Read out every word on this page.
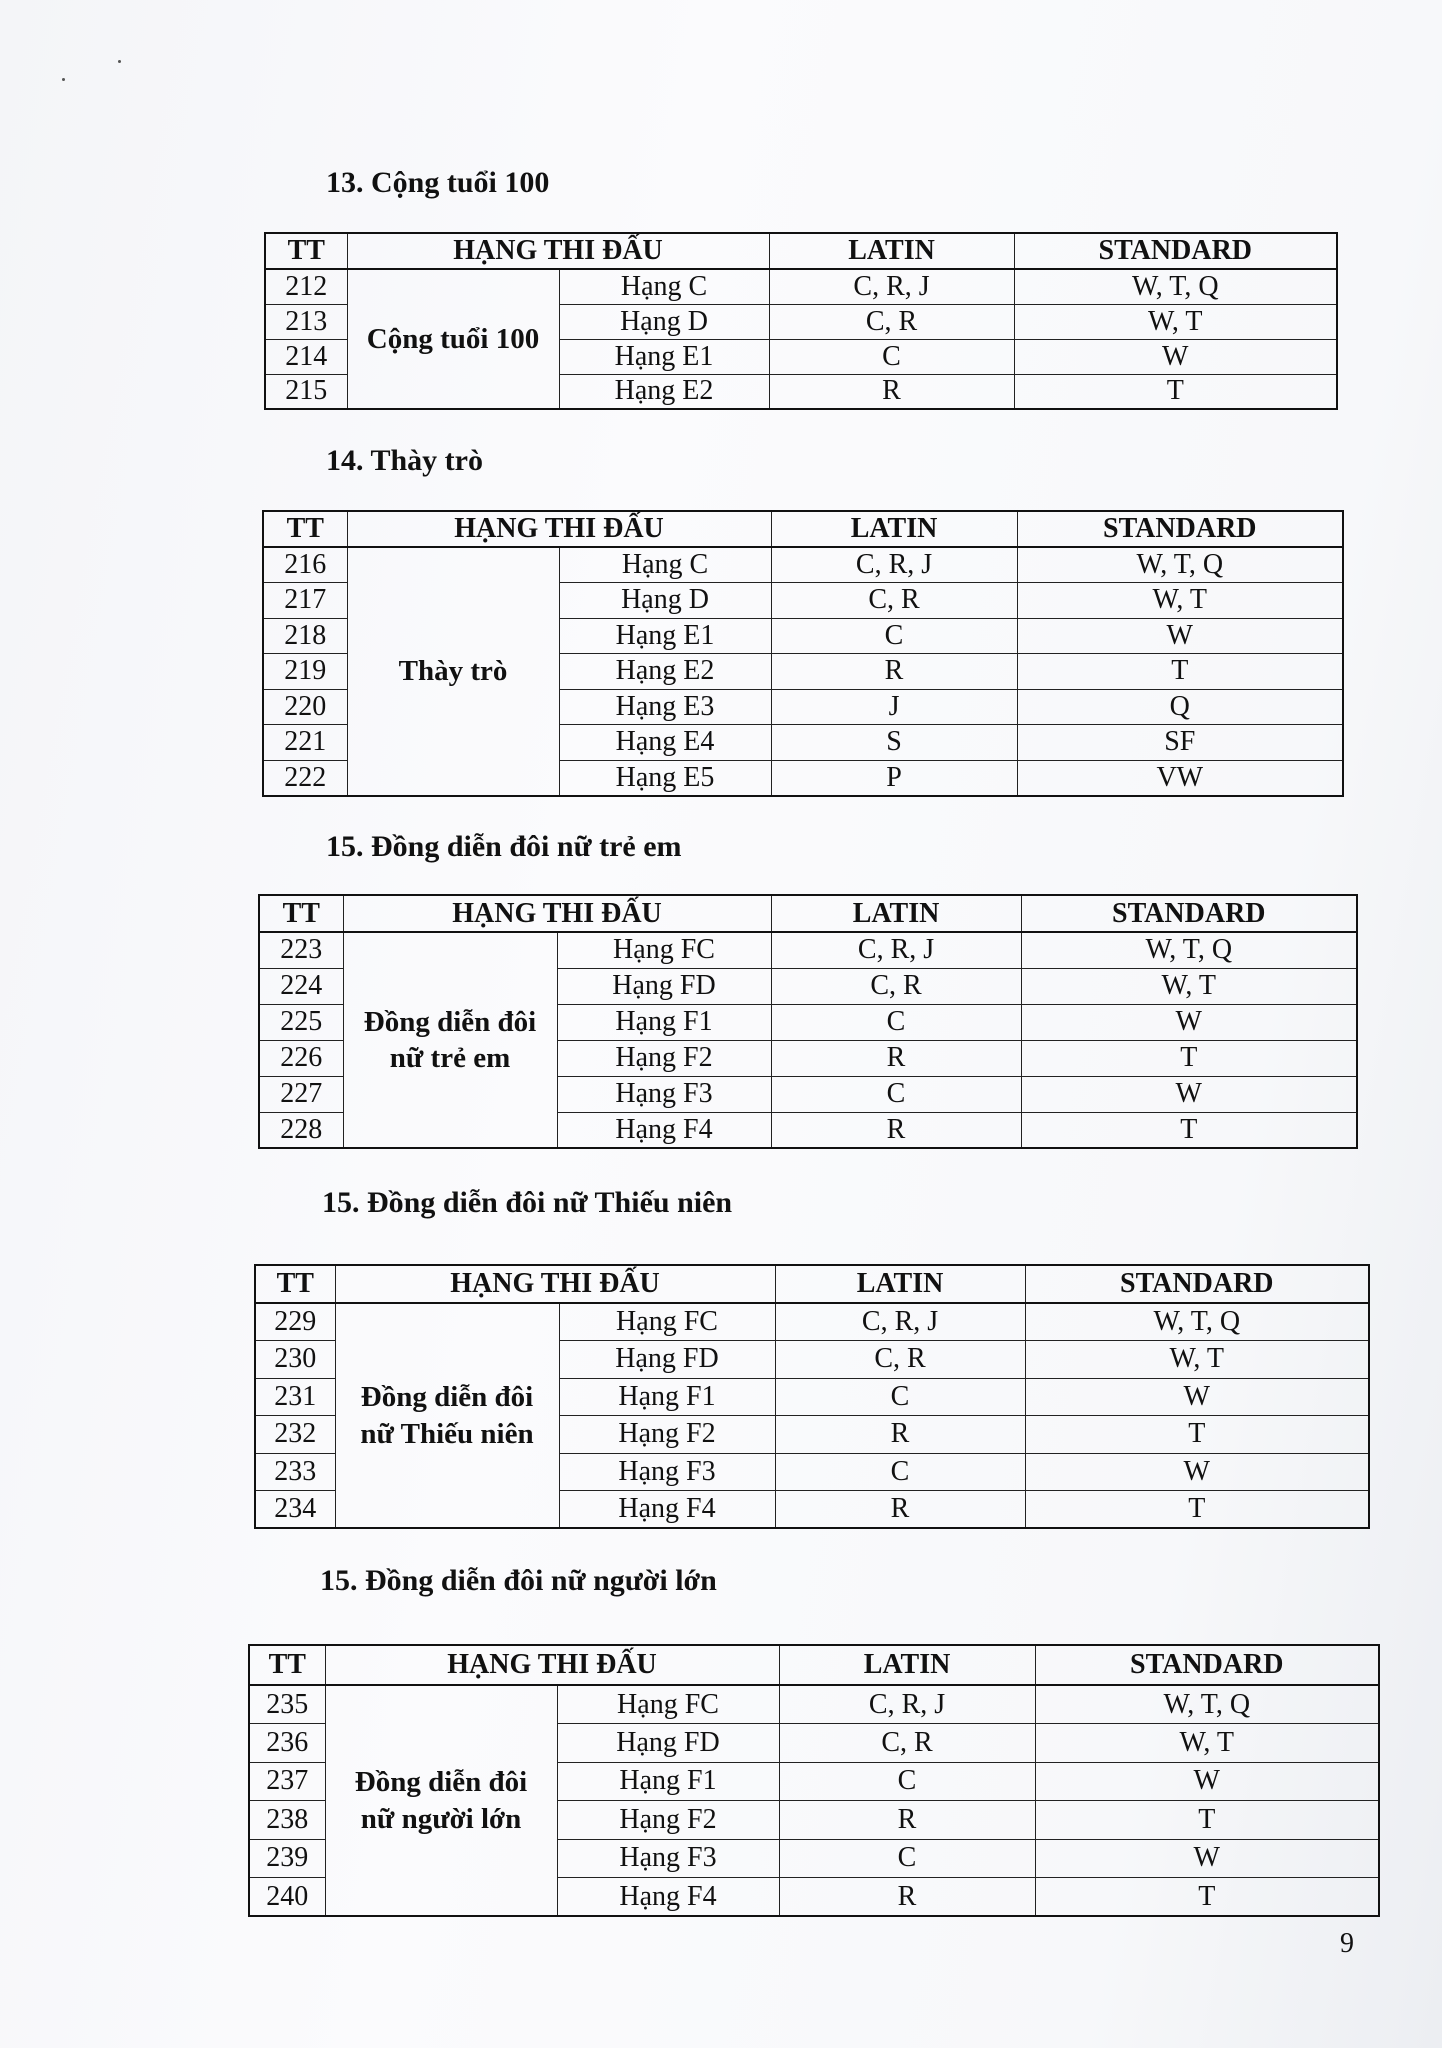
13. Cộng tuổi 100
TT	HẠNG THI ĐẤU		LATIN	STANDARD
212	Cộng tuổi 100	Hạng C	C, R, J	W, T, Q
213		Hạng D	C, R	W, T
214		Hạng E1	C	W
215		Hạng E2	R	T
14. Thày trò
TT	HẠNG THI ĐẤU		LATIN	STANDARD
216	Thày trò	Hạng C	C, R, J	W, T, Q
217		Hạng D	C, R	W, T
218		Hạng E1	C	W
219		Hạng E2	R	T
220		Hạng E3	J	Q
221		Hạng E4	S	SF
222		Hạng E5	P	VW
15. Đồng diễn đôi nữ trẻ em
TT	HẠNG THI ĐẤU		LATIN	STANDARD
223	Đồng diễn đôi nữ trẻ em	Hạng FC	C, R, J	W, T, Q
224		Hạng FD	C, R	W, T
225		Hạng F1	C	W
226		Hạng F2	R	T
227		Hạng F3	C	W
228		Hạng F4	R	T
15. Đồng diễn đôi nữ Thiếu niên
TT	HẠNG THI ĐẤU		LATIN	STANDARD
229	Đồng diễn đôi nữ Thiếu niên	Hạng FC	C, R, J	W, T, Q
230		Hạng FD	C, R	W, T
231		Hạng F1	C	W
232		Hạng F2	R	T
233		Hạng F3	C	W
234		Hạng F4	R	T
15. Đồng diễn đôi nữ người lớn
TT	HẠNG THI ĐẤU		LATIN	STANDARD
235	Đồng diễn đôi nữ người lớn	Hạng FC	C, R, J	W, T, Q
236		Hạng FD	C, R	W, T
237		Hạng F1	C	W
238		Hạng F2	R	T
239		Hạng F3	C	W
240		Hạng F4	R	T
9
